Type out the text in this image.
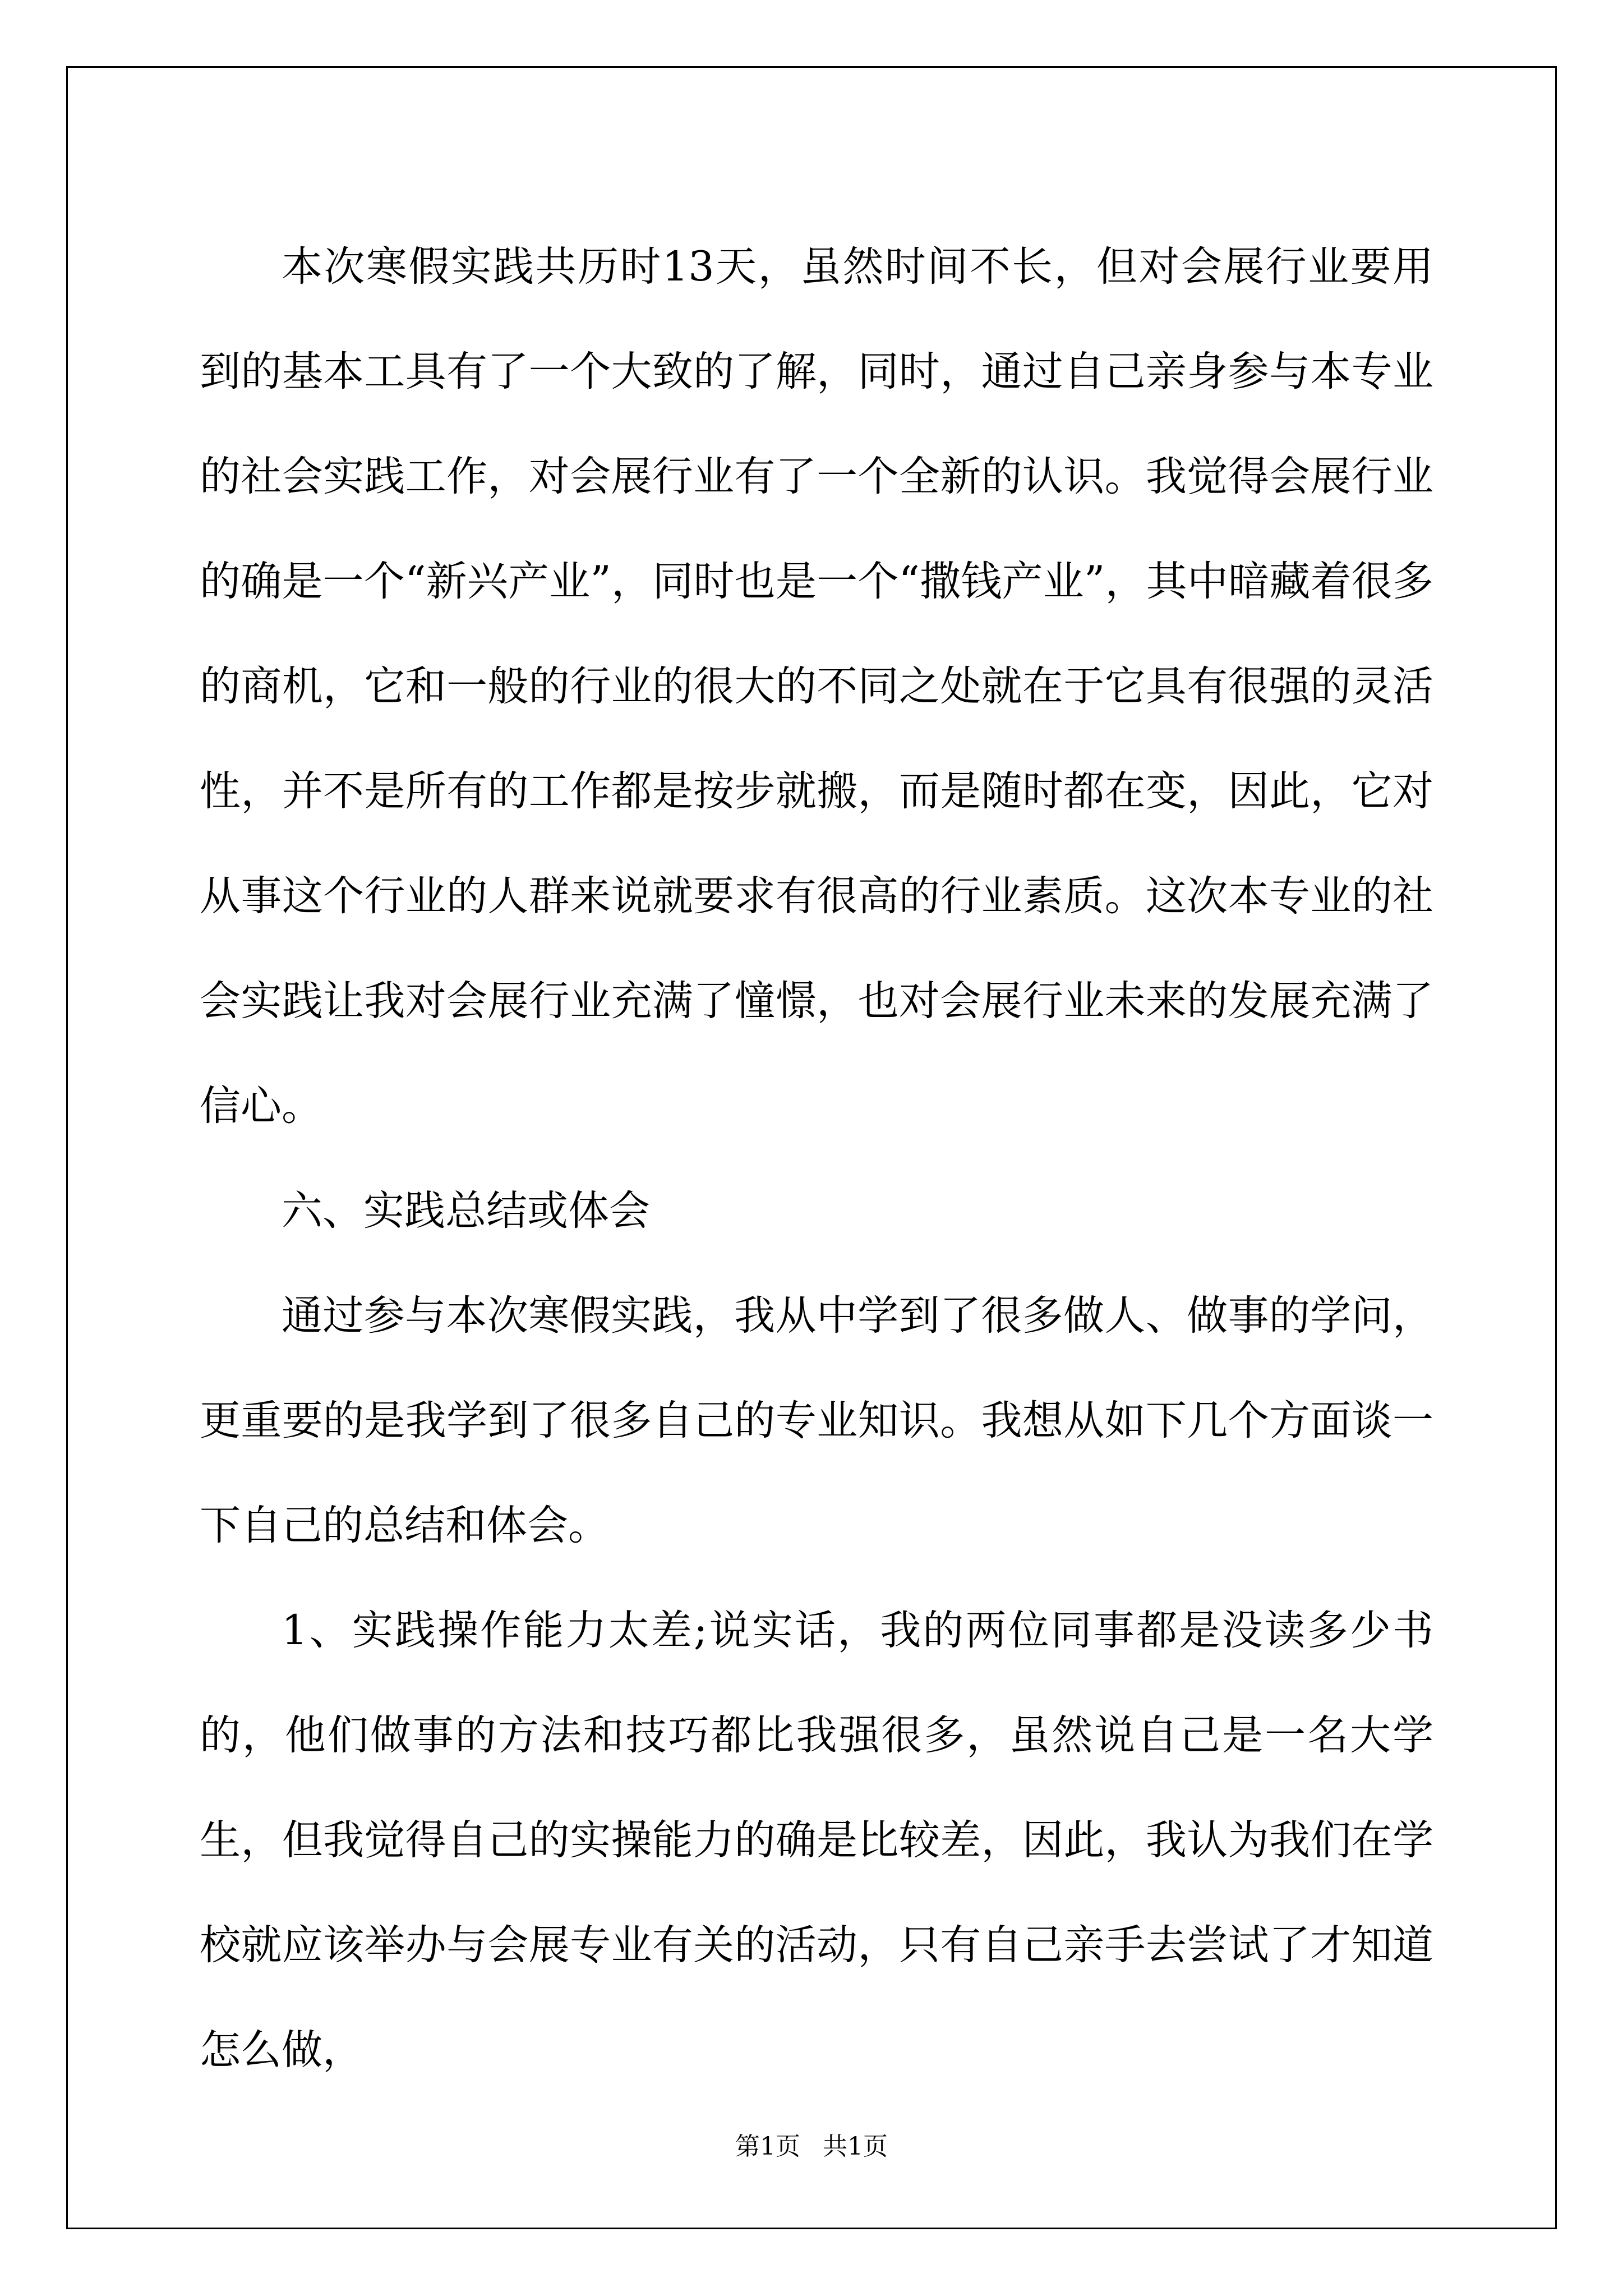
本次寒假实践共历时13天，虽然时间不长，但对会展行业要用到的基本工具有了一个大致的了解，同时，通过自己亲身参与本专业的社会实践工作，对会展行业有了一个全新的认识。我觉得会展行业的确是一个“新兴产业”，同时也是一个“撒钱产业”，其中暗藏着很多的商机，它和一般的行业的很大的不同之处就在于它具有很强的灵活性，并不是所有的工作都是按步就搬，而是随时都在变，因此，它对从事这个行业的人群来说就要求有很高的行业素质。这次本专业的社会实践让我对会展行业充满了憧憬，也对会展行业未来的发展充满了信心。

六、实践总结或体会

通过参与本次寒假实践，我从中学到了很多做人、做事的学问，更重要的是我学到了很多自己的专业知识。我想从如下几个方面谈一下自己的总结和体会。

1、实践操作能力太差;说实话，我的两位同事都是没读多少书的，他们做事的方法和技巧都比我强很多，虽然说自己是一名大学生，但我觉得自己的实操能力的确是比较差，因此，我认为我们在学校就应该举办与会展专业有关的活动，只有自己亲手去尝试了才知道怎么做，

第1页 共1页
